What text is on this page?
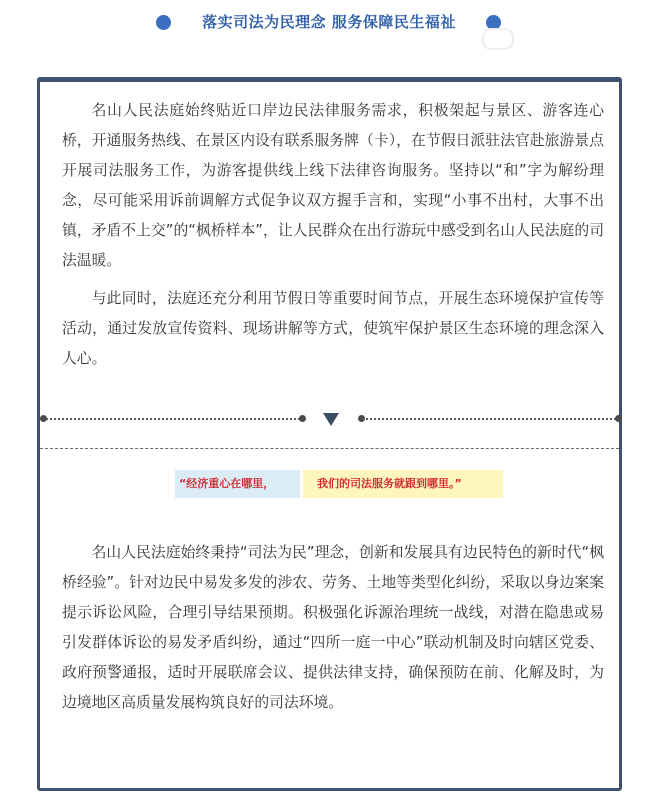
落实司法为民理念 服务保障民生福祉

名山人民法庭始终贴近口岸边民法律服务需求，积极架起与景区、游客连心桥，开通服务热线、在景区内设有联系服务牌（卡），在节假日派驻法官赴旅游景点开展司法服务工作，为游客提供线上线下法律咨询服务。坚持以“和”字为解纷理念，尽可能采用诉前调解方式促争议双方握手言和，实现“小事不出村，大事不出镇，矛盾不上交”的“枫桥样本”，让人民群众在出行游玩中感受到名山人民法庭的司法温暖。

与此同时，法庭还充分利用节假日等重要时间节点，开展生态环境保护宣传等活动，通过发放宣传资料、现场讲解等方式，使筑牢保护景区生态环境的理念深入人心。

“经济重心在哪里，	我们的司法服务就跟到哪里。”

名山人民法庭始终秉持“司法为民”理念，创新和发展具有边民特色的新时代“枫桥经验”。针对边民中易发多发的涉农、劳务、土地等类型化纠纷，采取以身边案案提示诉讼风险，合理引导结果预期。积极强化诉源治理统一战线，对潜在隐患或易引发群体诉讼的易发矛盾纠纷，通过“四所一庭一中心”联动机制及时向辖区党委、政府预警通报，适时开展联席会议、提供法律支持，确保预防在前、化解及时，为边境地区高质量发展构筑良好的司法环境。
